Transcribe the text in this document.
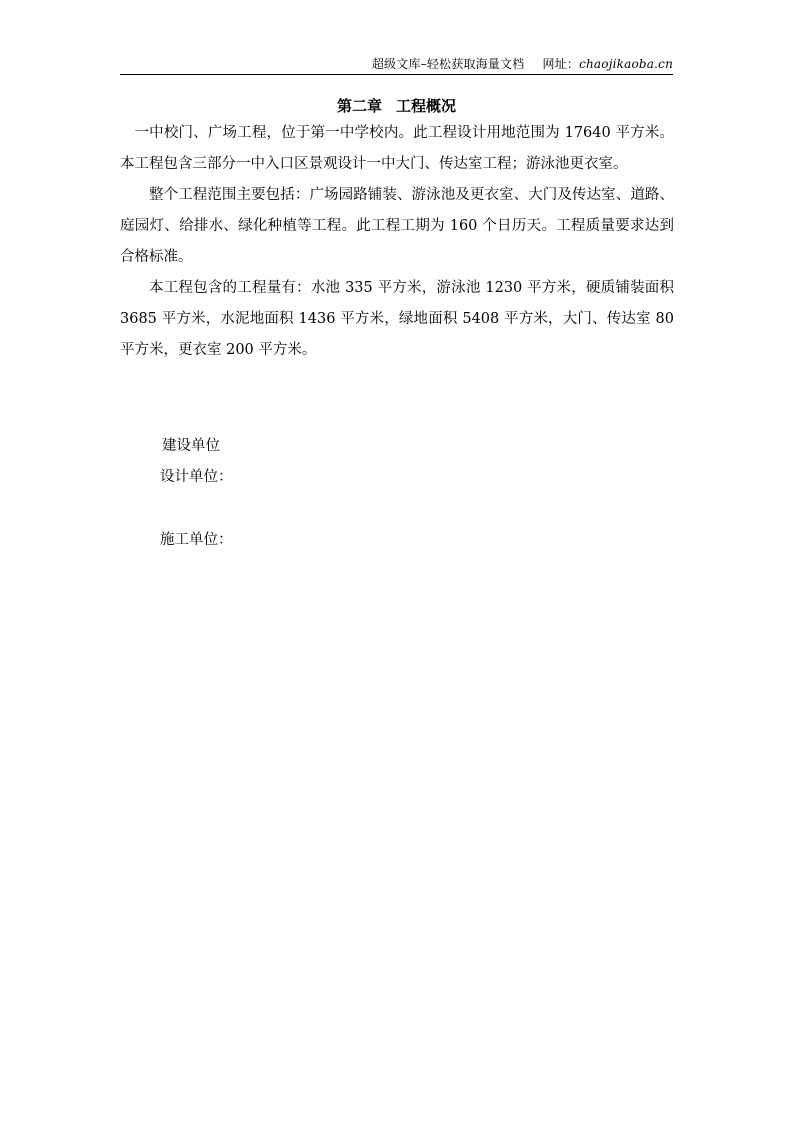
超级文库–轻松获取海量文档 网址：chaojikaoba.cn
第二章 工程概况

一中校门、广场工程，位于第一中学校内。此工程设计用地范围为 17640 平方米。本工程包含三部分一中入口区景观设计一中大门、传达室工程；游泳池更衣室。

整个工程范围主要包括：广场园路铺装、游泳池及更衣室、大门及传达室、道路、庭园灯、给排水、绿化种植等工程。此工程工期为 160 个日历天。工程质量要求达到合格标准。

本工程包含的工程量有：水池 335 平方米，游泳池 1230 平方米，硬质铺装面积 3685 平方米，水泥地面积 1436 平方米，绿地面积 5408 平方米，大门、传达室 80 平方米，更衣室 200 平方米。

建设单位
设计单位：
施工单位：
